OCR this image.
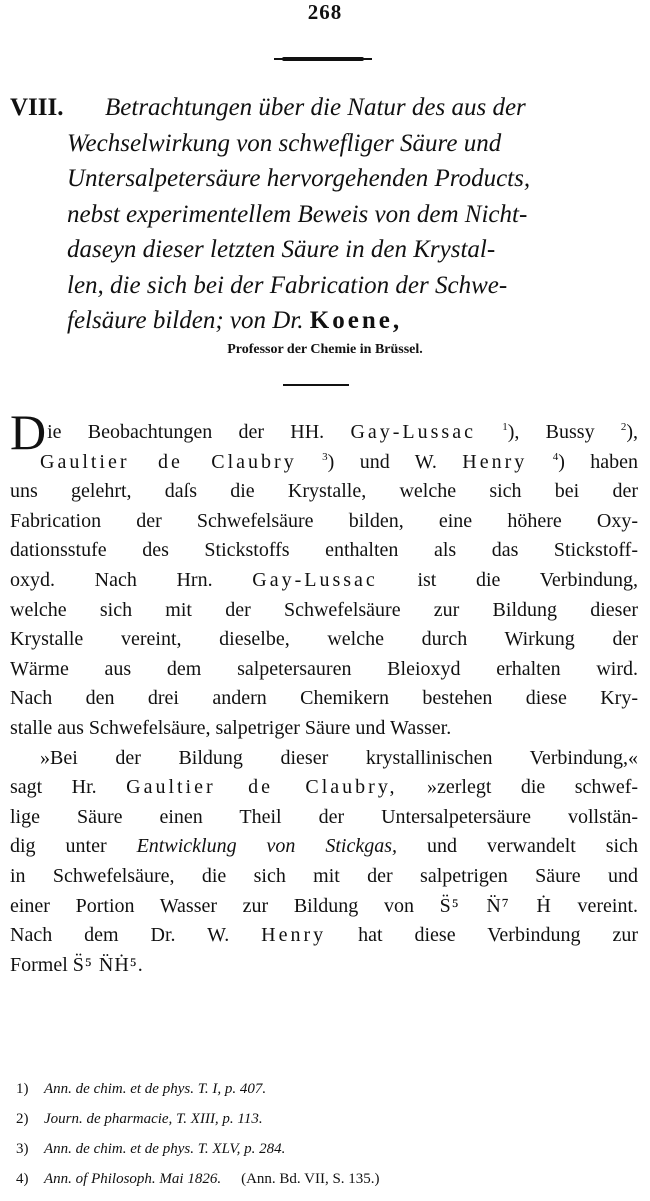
268
VIII.	Betrachtungen über die Natur des aus der
Wechselwirkung von schwefliger Säure und
Untersalpetersäure hervorgehenden Products,
nebst experimentellem Beweis von dem Nicht-
daseyn dieser letzten Säure in den Krystal-
len, die sich bei der Fabrication der Schwe-
felsäure bilden; von Dr. Koene,
Professor der Chemie in Brüssel.
Die Beobachtungen der HH. Gay-Lussac $^1$), Bussy $^2$),
Gaultier de Claubry $^3$) und W. Henry $^4$) haben
uns gelehrt, daſs die Krystalle, welche sich bei der
Fabrication der Schwefelsäure bilden, eine höhere Oxy-
dationsstufe des Stickstoffs enthalten als das Stickstoff-
oxyd. Nach Hrn. Gay-Lussac ist die Verbindung,
welche sich mit der Schwefelsäure zur Bildung dieser
Krystalle vereint, dieselbe, welche durch Wirkung der
Wärme aus dem salpetersauren Bleioxyd erhalten wird.
Nach den drei andern Chemikern bestehen diese Kry-
stalle aus Schwefelsäure, salpetriger Säure und Wasser.
»Bei der Bildung dieser krystallinischen Verbindung,«
sagt Hr. Gaultier de Claubry, »zerlegt die schwef-
lige Säure einen Theil der Untersalpetersäure vollstän-
dig unter Entwicklung von Stickgas, und verwandelt sich
in Schwefelsäure, die sich mit der salpetrigen Säure und
einer Portion Wasser zur Bildung von S̈⁵ N̈⁷ Ḣ vereint.
Nach dem Dr. W. Henry hat diese Verbindung zur
Formel S̈⁵ N̈Ḣ⁵.
1) Ann. de chim. et de phys. T. I, p. 407.
2) Journ. de pharmacie, T. XIII, p. 113.
3) Ann. de chim. et de phys. T. XLV, p. 284.
4) Ann. of Philosoph. Mai 1826. (Ann. Bd. VII, S. 135.)
